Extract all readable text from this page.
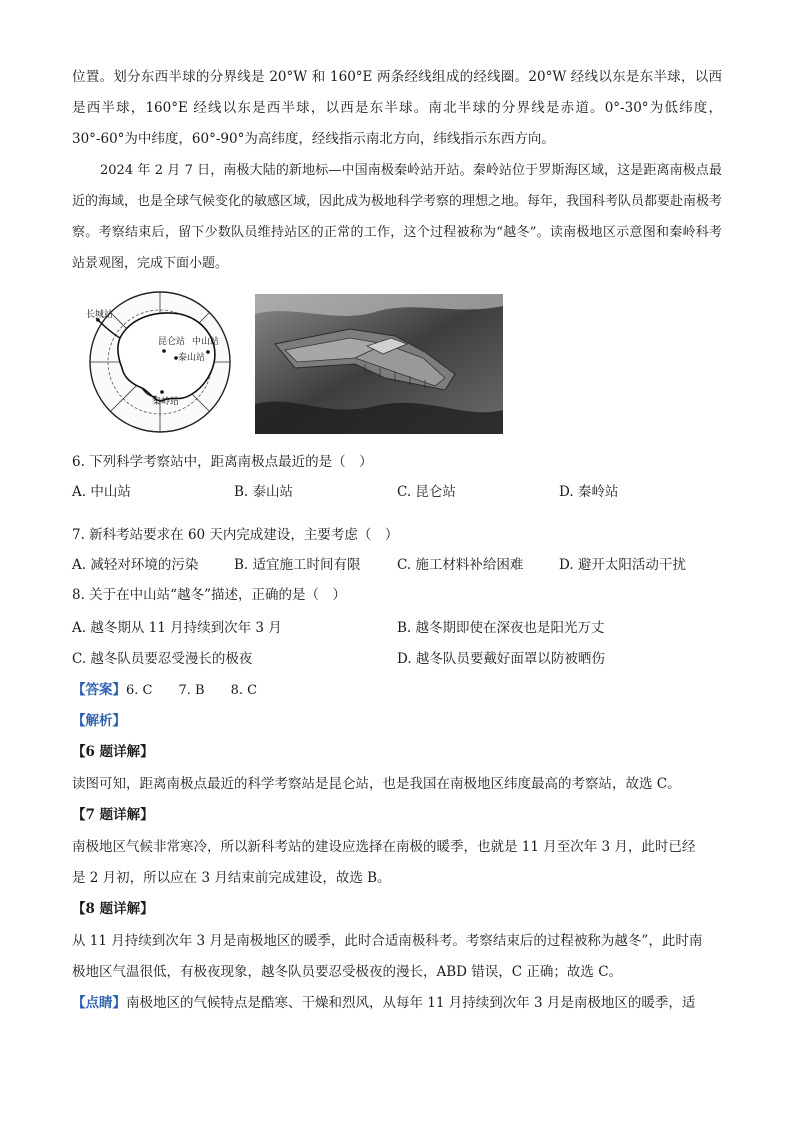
位置。划分东西半球的分界线是 20°W 和 160°E 两条经线组成的经线圈。20°W 经线以东是东半球，以西是西半球，160°E 经线以东是西半球，以西是东半球。南北半球的分界线是赤道。0°-30°为低纬度，30°-60°为中纬度，60°-90°为高纬度，经线指示南北方向，纬线指示东西方向。

2024 年 2 月 7 日，南极大陆的新地标—中国南极秦岭站开站。秦岭站位于罗斯海区域，这是距离南极点最近的海域，也是全球气候变化的敏感区域，因此成为极地科学考察的理想之地。每年，我国科考队员都要赴南极考察。考察结束后，留下少数队员维持站区的正常的工作，这个过程被称为“越冬”。读南极地区示意图和秦岭科考站景观图，完成下面小题。

长城站
昆仑站 中山站
泰山站
秦岭站
6. 下列科学考察站中，距离南极点最近的是（　）
A. 中山站	B. 泰山站	C. 昆仑站	D. 秦岭站
7. 新科考站要求在 60 天内完成建设，主要考虑（　）
A. 减轻对环境的污染	B. 适宜施工时间有限	C. 施工材料补给困难	D. 避开太阳活动干扰
8. 关于在中山站“越冬”描述，正确的是（　）
A. 越冬期从 11 月持续到次年 3 月	B. 越冬期即使在深夜也是阳光万丈
C. 越冬队员要忍受漫长的极夜	D. 越冬队员要戴好面罩以防被晒伤
【答案】6. C　　7. B　　8. C
【解析】
【6 题详解】
读图可知，距离南极点最近的科学考察站是昆仑站，也是我国在南极地区纬度最高的考察站，故选 C。
【7 题详解】
南极地区气候非常寒冷，所以新科考站的建设应选择在南极的暖季，也就是 11 月至次年 3 月，此时已经
是 2 月初，所以应在 3 月结束前完成建设，故选 B。
【8 题详解】
从 11 月持续到次年 3 月是南极地区的暖季，此时合适南极科考。考察结束后的过程被称为越冬”，此时南
极地区气温很低，有极夜现象，越冬队员要忍受极夜的漫长，ABD 错误，C 正确；故选 C。
【点睛】南极地区的气候特点是酷寒、干燥和烈风，从每年 11 月持续到次年 3 月是南极地区的暖季，适
